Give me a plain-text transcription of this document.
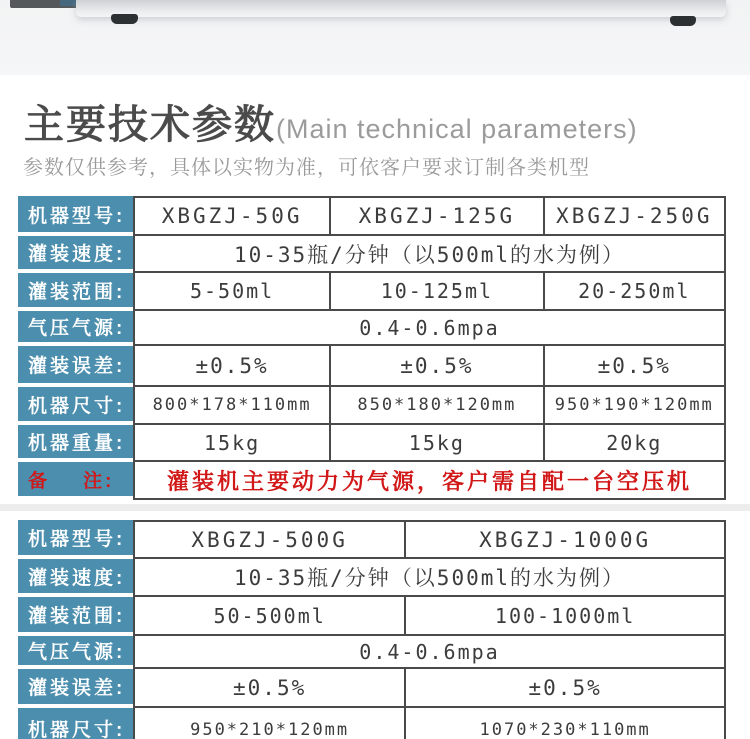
主要技术参数(Main technical parameters)
参数仅供参考，具体以实物为准，可依客户要求订制各类机型
机器型号:	XBGZJ-50G	XBGZJ-125G	XBGZJ-250G
灌装速度:	10-35瓶/分钟（以500ml的水为例）
灌装范围:	5-50ml	10-125ml	20-250ml
气压气源:	0.4-0.6mpa
灌装误差:	±0.5%	±0.5%	±0.5%
机器尺寸:	800*178*110mm	850*180*120mm	950*190*120mm
机器重量:	15kg	15kg	20kg
备    注:	灌装机主要动力为气源，客户需自配一台空压机
机器型号:	XBGZJ-500G	XBGZJ-1000G
灌装速度:	10-35瓶/分钟（以500ml的水为例）
灌装范围:	50-500ml	100-1000ml
气压气源:	0.4-0.6mpa
灌装误差:	±0.5%	±0.5%
机器尺寸:	950*210*120mm	1070*230*110mm
